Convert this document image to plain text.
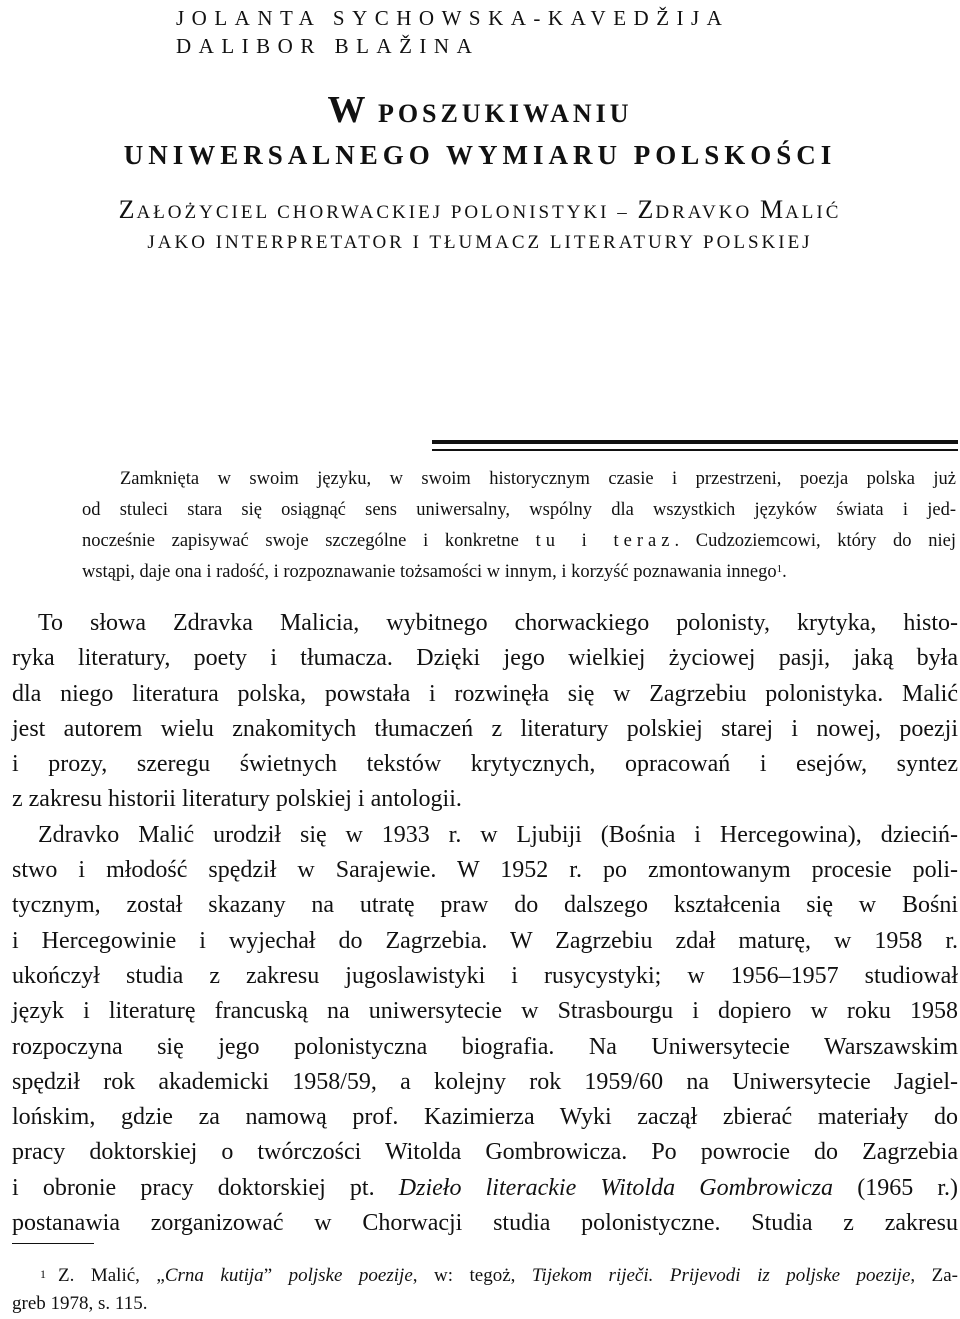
JOLANTA SYCHOWSKA-KAVEDŽIJA
DALIBOR BLAŽINA
W POSZUKIWANIU
UNIWERSALNEGO WYMIARU POLSKOŚCI
ZAŁOŻYCIEL CHORWACKIEJ POLONISTYKI – ZDRAVKO MALIĆ
JAKO INTERPRETATOR I TŁUMACZ LITERATURY POLSKIEJ
Zamknięta w swoim języku, w swoim historycznym czasie i przestrzeni, poezja polska już
od stuleci stara się osiągnąć sens uniwersalny, wspólny dla wszystkich języków świata i jed-
nocześnie zapisywać swoje szczególne i konkretne tu i teraz. Cudzoziemcowi, który do niej
wstąpi, daje ona i radość, i rozpoznawanie tożsamości w innym, i korzyść poznawania innego$^1$.
To słowa Zdravka Malicia, wybitnego chorwackiego polonisty, krytyka, histo-
ryka literatury, poety i tłumacza. Dzięki jego wielkiej życiowej pasji, jaką była
dla niego literatura polska, powstała i rozwinęła się w Zagrzebiu polonistyka. Malić
jest autorem wielu znakomitych tłumaczeń z literatury polskiej starej i nowej, poezji
i prozy, szeregu świetnych tekstów krytycznych, opracowań i esejów, syntez
z zakresu historii literatury polskiej i antologii.
Zdravko Malić urodził się w 1933 r. w Ljubiji (Bośnia i Hercegowina), dzieciń-
stwo i młodość spędził w Sarajewie. W 1952 r. po zmontowanym procesie poli-
tycznym, został skazany na utratę praw do dalszego kształcenia się w Bośni
i Hercegowinie i wyjechał do Zagrzebia. W Zagrzebiu zdał maturę, w 1958 r.
ukończył studia z zakresu jugoslawistyki i rusycystyki; w 1956–1957 studiował
język i literaturę francuską na uniwersytecie w Strasbourgu i dopiero w roku 1958
rozpoczyna się jego polonistyczna biografia. Na Uniwersytecie Warszawskim
spędził rok akademicki 1958/59, a kolejny rok 1959/60 na Uniwersytecie Jagiel-
lońskim, gdzie za namową prof. Kazimierza Wyki zaczął zbierać materiały do
pracy doktorskiej o twórczości Witolda Gombrowicza. Po powrocie do Zagrzebia
i obronie pracy doktorskiej pt. Dzieło literackie Witolda Gombrowicza (1965 r.)
postanawia zorganizować w Chorwacji studia polonistyczne. Studia z zakresu
$^1$ Z. Malić, „Crna kutija” poljske poezije, w: tegoż, Tijekom riječi. Prijevodi iz poljske poezije, Za-
greb 1978, s. 115.
